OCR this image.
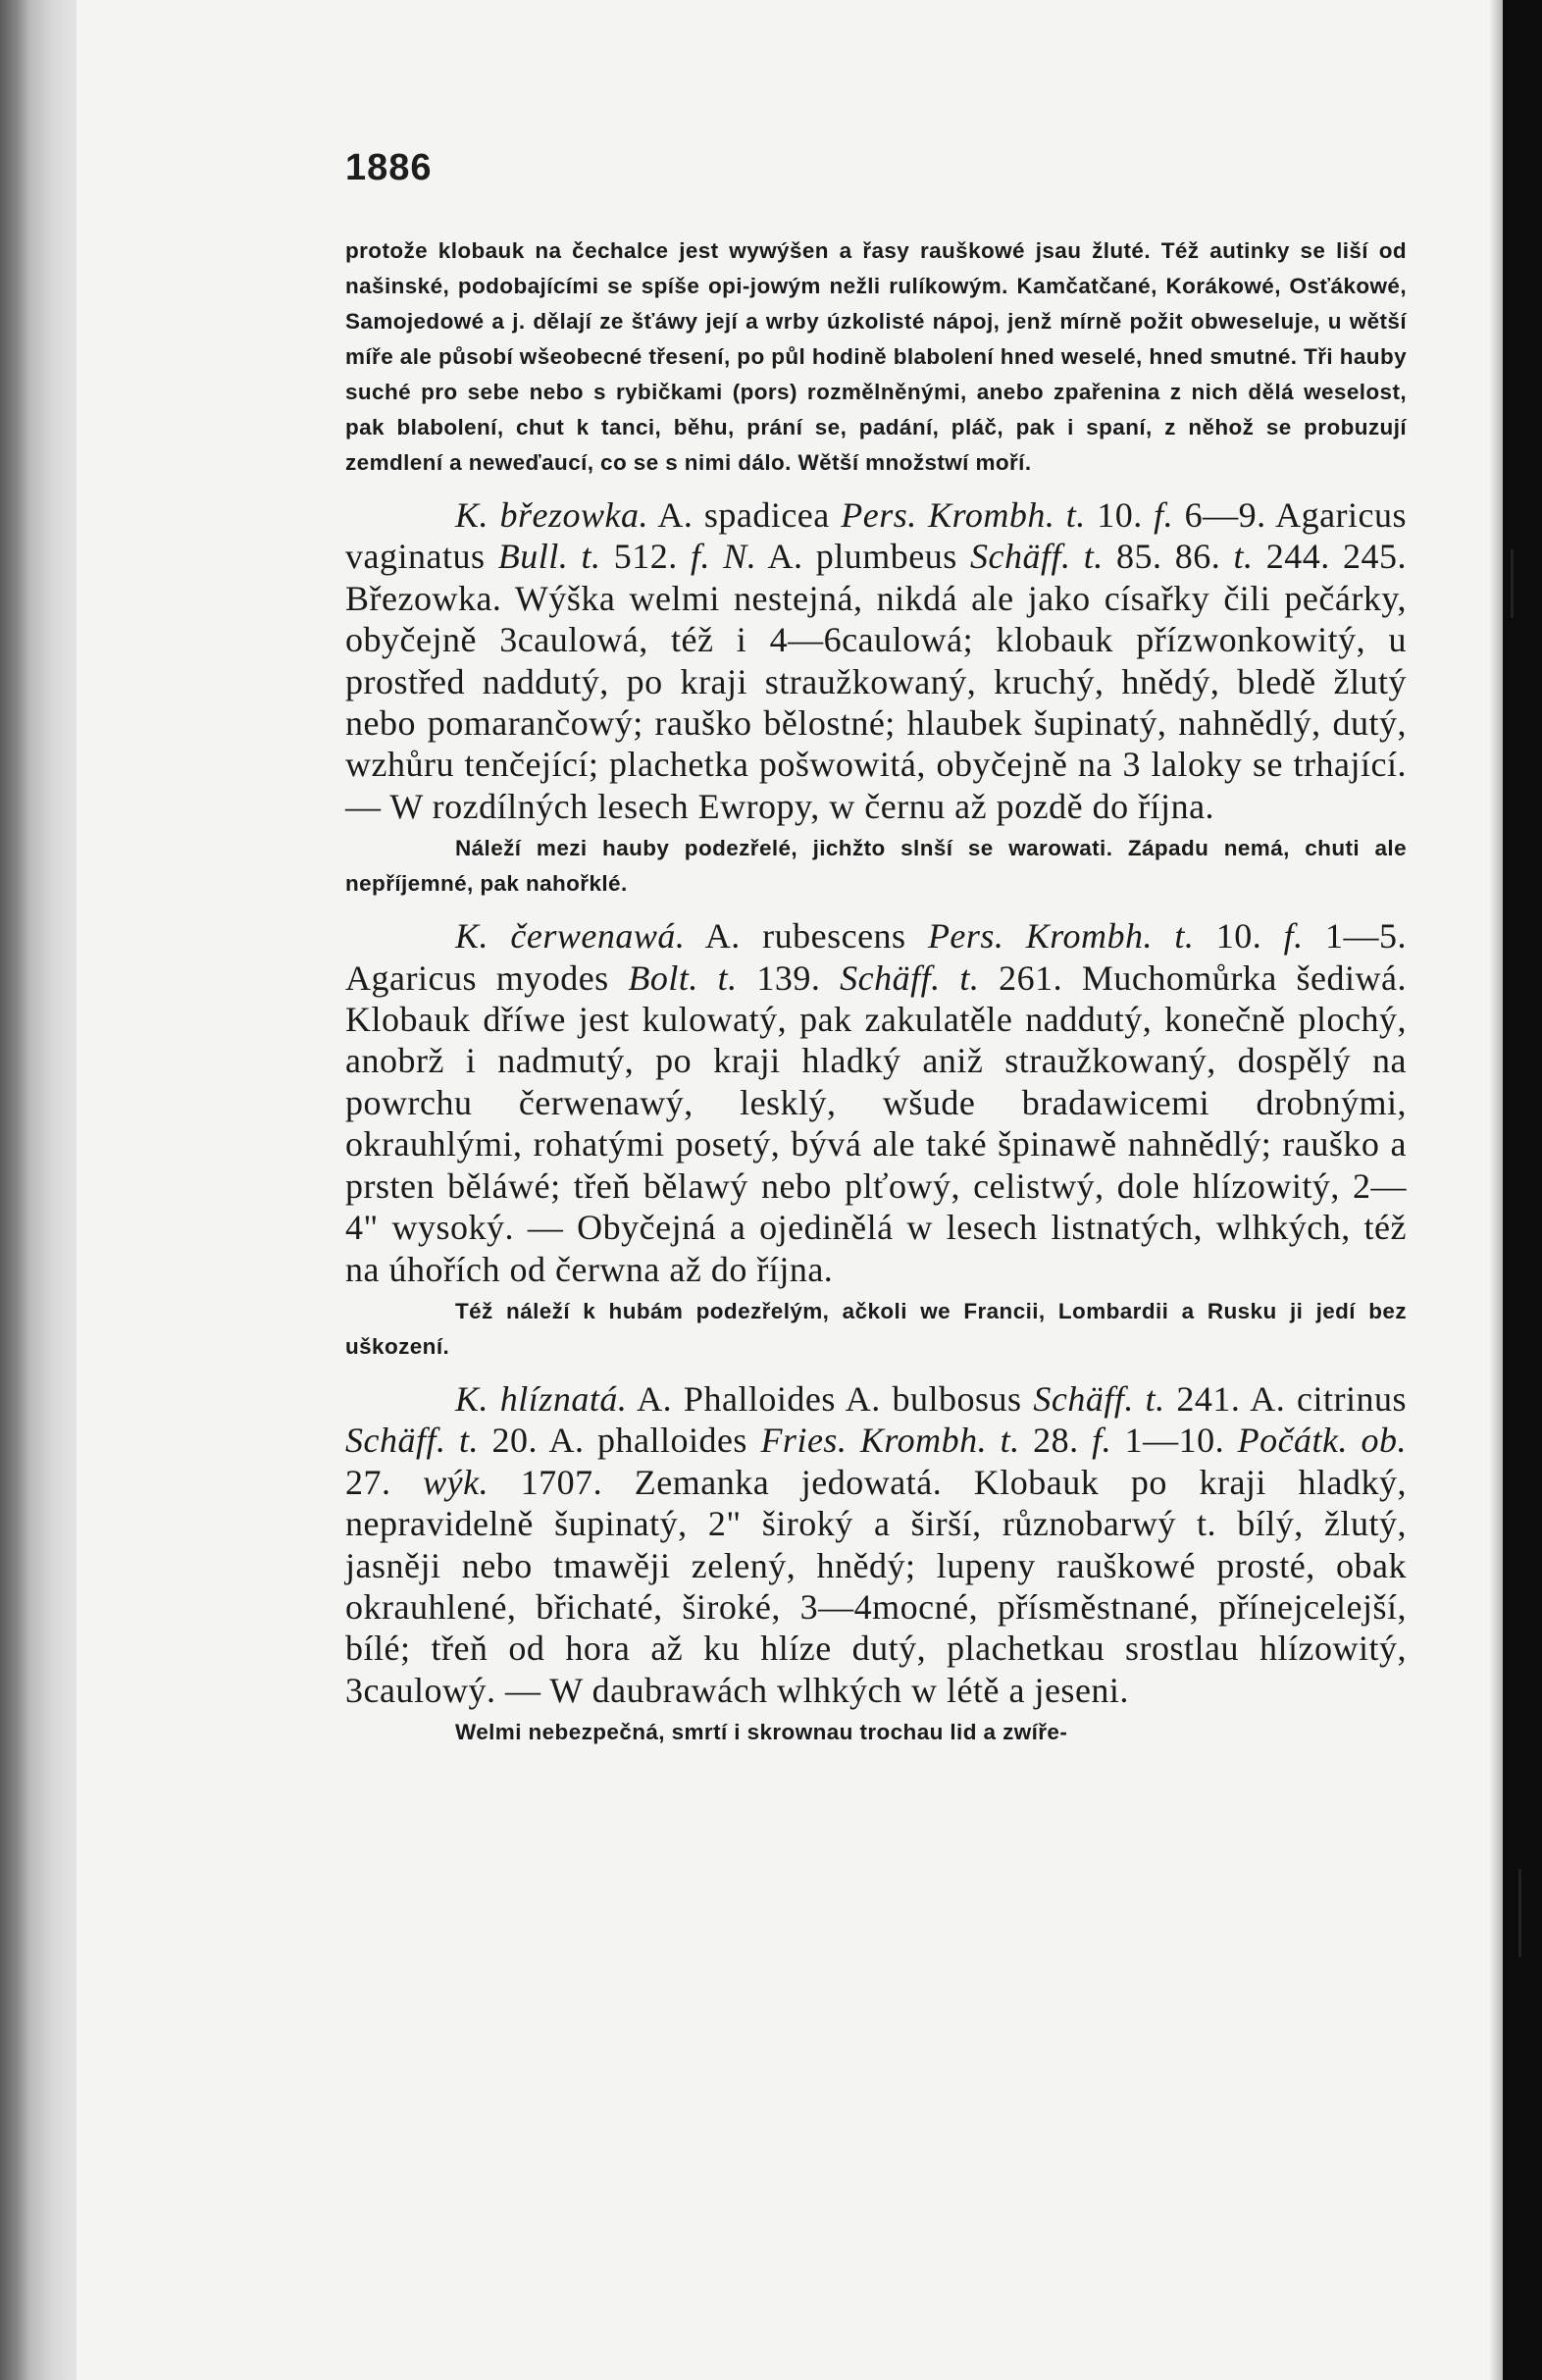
1886

protože klobauk na čechalce jest wywýšen a řasy rauškowé jsau žluté. Též autinky se liší od našinské, podobajícími se spíše opi-jowým nežli rulíkowým. Kamčatčané, Korákowé, Osťákowé, Samojedowé a j. dělají ze šťáwy její a wrby úzkolisté nápoj, jenž mírně požit obweseluje, u wětší míře ale působí wšeobecné třesení, po půl hodině blabolení hned weselé, hned smutné. Tři hauby suché pro sebe nebo s rybičkami (pors) rozmělněnými, anebo zpařenina z nich dělá weselost, pak blabolení, chut k tanci, běhu, prání se, padání, pláč, pak i spaní, z něhož se probuzují zemdlení a neweďaucí, co se s nimi dálo. Wětší množstwí moří.

K. březowka. A. spadicea Pers. Krombh. t. 10. f. 6—9. Agaricus vaginatus Bull. t. 512. f. N. A. plumbeus Schäff. t. 85. 86. t. 244. 245. Březowka. Wýška welmi nestejná, nikdá ale jako císařky čili pečárky, obyčejně 3caulowá, též i 4—6caulowá; klobauk přízwonkowitý, u prostřed naddutý, po kraji straužkowaný, kruchý, hnědý, bledě žlutý nebo pomarančowý; rauško bělostné; hlaubek šupinatý, nahnědlý, dutý, wzhůru tenčející; plachetka pošwowitá, obyčejně na 3 laloky se trhající. — W rozdílných lesech Ewropy, w černu až pozdě do října.

Náleží mezi hauby podezřelé, jichžto slnší se warowati. Západu nemá, chuti ale nepříjemné, pak nahořklé.

K. čerwenawá. A. rubescens Pers. Krombh. t. 10. f. 1—5. Agaricus myodes Bolt. t. 139. Schäff. t. 261. Muchomůrka šediwá. Klobauk dříwe jest kulowatý, pak zakulatěle naddutý, konečně plochý, anobrž i nadmutý, po kraji hladký aniž straužkowaný, dospělý na powrchu čerwenawý, lesklý, wšude bradawicemi drobnými, okrauhlými, rohatými posetý, bývá ale také špinawě nahnědlý; rauško a prsten běláwé; třeň bělawý nebo plťowý, celistwý, dole hlízowitý, 2—4" wysoký. — Obyčejná a ojedinělá w lesech listnatých, wlhkých, též na úhořích od čerwna až do října.

Též náleží k hubám podezřelým, ačkoli we Francii, Lombardii a Rusku ji jedí bez uškození.

K. hlíznatá. A. Phalloides A. bulbosus Schäff. t. 241. A. citrinus Schäff. t. 20. A. phalloides Fries. Krombh. t. 28. f. 1—10. Počátk. ob. 27. wýk. 1707. Zemanka jedowatá. Klobauk po kraji hladký, nepravidelně šupinatý, 2" široký a širší, různobarwý t. bílý, žlutý, jasněji nebo tmawěji zelený, hnědý; lupeny rauškowé prosté, obak okrauhlené, břichaté, široké, 3—4mocné, přísměstnané, přínejcelejší, bílé; třeň od hora až ku hlíze dutý, plachetkau srostlau hlízowitý, 3caulowý. — W daubrawách wlhkých w létě a jeseni.

Welmi nebezpečná, smrtí i skrownau trochau lid a zwíře-
